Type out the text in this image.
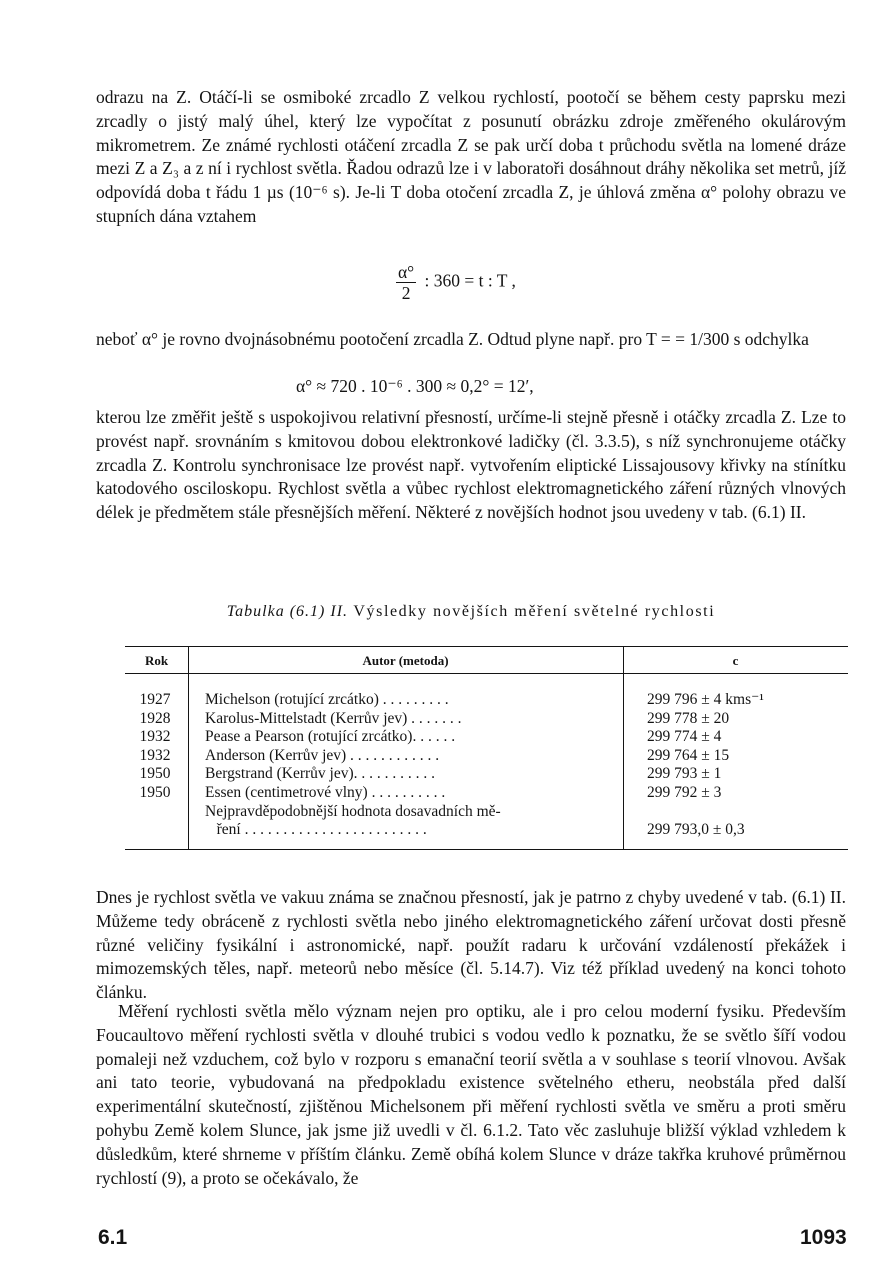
odrazu na Z. Otáčí-li se osmiboké zrcadlo Z velkou rychlostí, pootočí se během cesty paprsku mezi zrcadly o jistý malý úhel, který lze vypočítat z posunutí obrázku zdroje změřeného okulárovým mikrometrem. Ze známé rychlosti otáčení zrcadla Z se pak určí doba t průchodu světla na lomené dráze mezi Z a Z₃ a z ní i rychlost světla. Řadou odrazů lze i v laboratoři dosáhnout dráhy několika set metrů, jíž odpovídá doba t řádu 1 µs (10⁻⁶ s). Je-li T doba otočení zrcadla Z, je úhlová změna α° polohy obrazu ve stupních dána vztahem

$\frac{\alpha^\circ}{2}$ : 360 = t : T ,

neboť α° je rovno dvojnásobnému pootočení zrcadla Z. Odtud plyne např. pro T = = 1/300 s odchylka

α° ≈ 720 . 10⁻⁶ . 300 ≈ 0,2° = 12′,

kterou lze změřit ještě s uspokojivou relativní přesností, určíme-li stejně přesně i otáčky zrcadla Z. Lze to provést např. srovnáním s kmitovou dobou elektronkové ladičky (čl. 3.3.5), s níž synchronujeme otáčky zrcadla Z. Kontrolu synchronisace lze provést např. vytvořením eliptické Lissajousovy křivky na stínítku katodového osciloskopu. Rychlost světla a vůbec rychlost elektromagnetického záření různých vlnových délek je předmětem stále přesnějších měření. Některé z novějších hodnot jsou uvedeny v tab. (6.1) II.

Tabulka (6.1) II. Výsledky novějších měření světelné rychlosti
Rok	Autor (metoda)	c
1927	Michelson (rotující zrcátko) . . . . . . . . .	299 796 ± 4 kms⁻¹
1928	Karolus-Mittelstadt (Kerrův jev) . . . . . . .	299 778 ± 20
1932	Pease a Pearson (rotující zrcátko). . . . . .	299 774 ± 4
1932	Anderson (Kerrův jev) . . . . . . . . . . . .	299 764 ± 15
1950	Bergstrand (Kerrův jev). . . . . . . . . . .	299 793 ± 1
1950	Essen (centimetrové vlny) . . . . . . . . . .	299 792 ± 3
Nejpravděpodobnější hodnota dosavadních mě-
ření . . . . . . . . . . . . . . . . . . . . . . . .	299 793,0 ± 0,3

Dnes je rychlost světla ve vakuu známa se značnou přesností, jak je patrno z chyby uvedené v tab. (6.1) II. Můžeme tedy obráceně z rychlosti světla nebo jiného elektromagnetického záření určovat dosti přesně různé veličiny fysikální i astronomické, např. použít radaru k určování vzdáleností překážek i mimozemských těles, např. meteorů nebo měsíce (čl. 5.14.7). Viz též příklad uvedený na konci tohoto článku.

Měření rychlosti světla mělo význam nejen pro optiku, ale i pro celou moderní fysiku. Především Foucaultovo měření rychlosti světla v dlouhé trubici s vodou vedlo k poznatku, že se světlo šíří vodou pomaleji než vzduchem, což bylo v rozporu s emanační teorií světla a v souhlase s teorií vlnovou. Avšak ani tato teorie, vybudovaná na předpokladu existence světelného etheru, neobstála před další experimentální skutečností, zjištěnou Michelsonem při měření rychlosti světla ve směru a proti směru pohybu Země kolem Slunce, jak jsme již uvedli v čl. 6.1.2. Tato věc zasluhuje bližší výklad vzhledem k důsledkům, které shrneme v příštím článku. Země obíhá kolem Slunce v dráze takřka kruhové průměrnou rychlostí (9), a proto se očekávalo, že

6.1	1093
